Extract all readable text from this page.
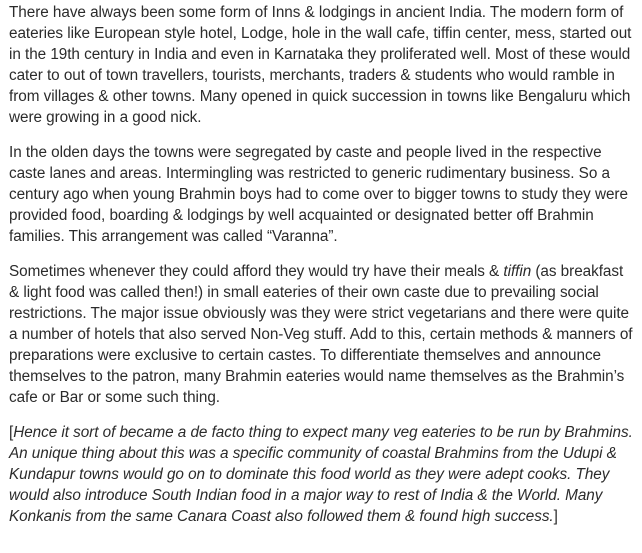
There have always been some form of Inns & lodgings in ancient India. The modern form of eateries like European style hotel, Lodge, hole in the wall cafe, tiffin center, mess, started out in the 19th century in India and even in Karnataka they proliferated well. Most of these would cater to out of town travellers, tourists, merchants, traders & students who would ramble in from villages & other towns. Many opened in quick succession in towns like Bengaluru which were growing in a good nick.

In the olden days the towns were segregated by caste and people lived in the respective caste lanes and areas. Intermingling was restricted to generic rudimentary business. So a century ago when young Brahmin boys had to come over to bigger towns to study they were provided food, boarding & lodgings by well acquainted or designated better off Brahmin families. This arrangement was called “Varanna”.

Sometimes whenever they could afford they would try have their meals & tiffin (as breakfast & light food was called then!) in small eateries of their own caste due to prevailing social restrictions. The major issue obviously was they were strict vegetarians and there were quite a number of hotels that also served Non-Veg stuff. Add to this, certain methods & manners of preparations were exclusive to certain castes. To differentiate themselves and announce themselves to the patron, many Brahmin eateries would name themselves as the Brahmin’s cafe or Bar or some such thing.

[Hence it sort of became a de facto thing to expect many veg eateries to be run by Brahmins. An unique thing about this was a specific community of coastal Brahmins from the Udupi & Kundapur towns would go on to dominate this food world as they were adept cooks. They would also introduce South Indian food in a major way to rest of India & the World. Many Konkanis from the same Canara Coast also followed them & found high success.]
